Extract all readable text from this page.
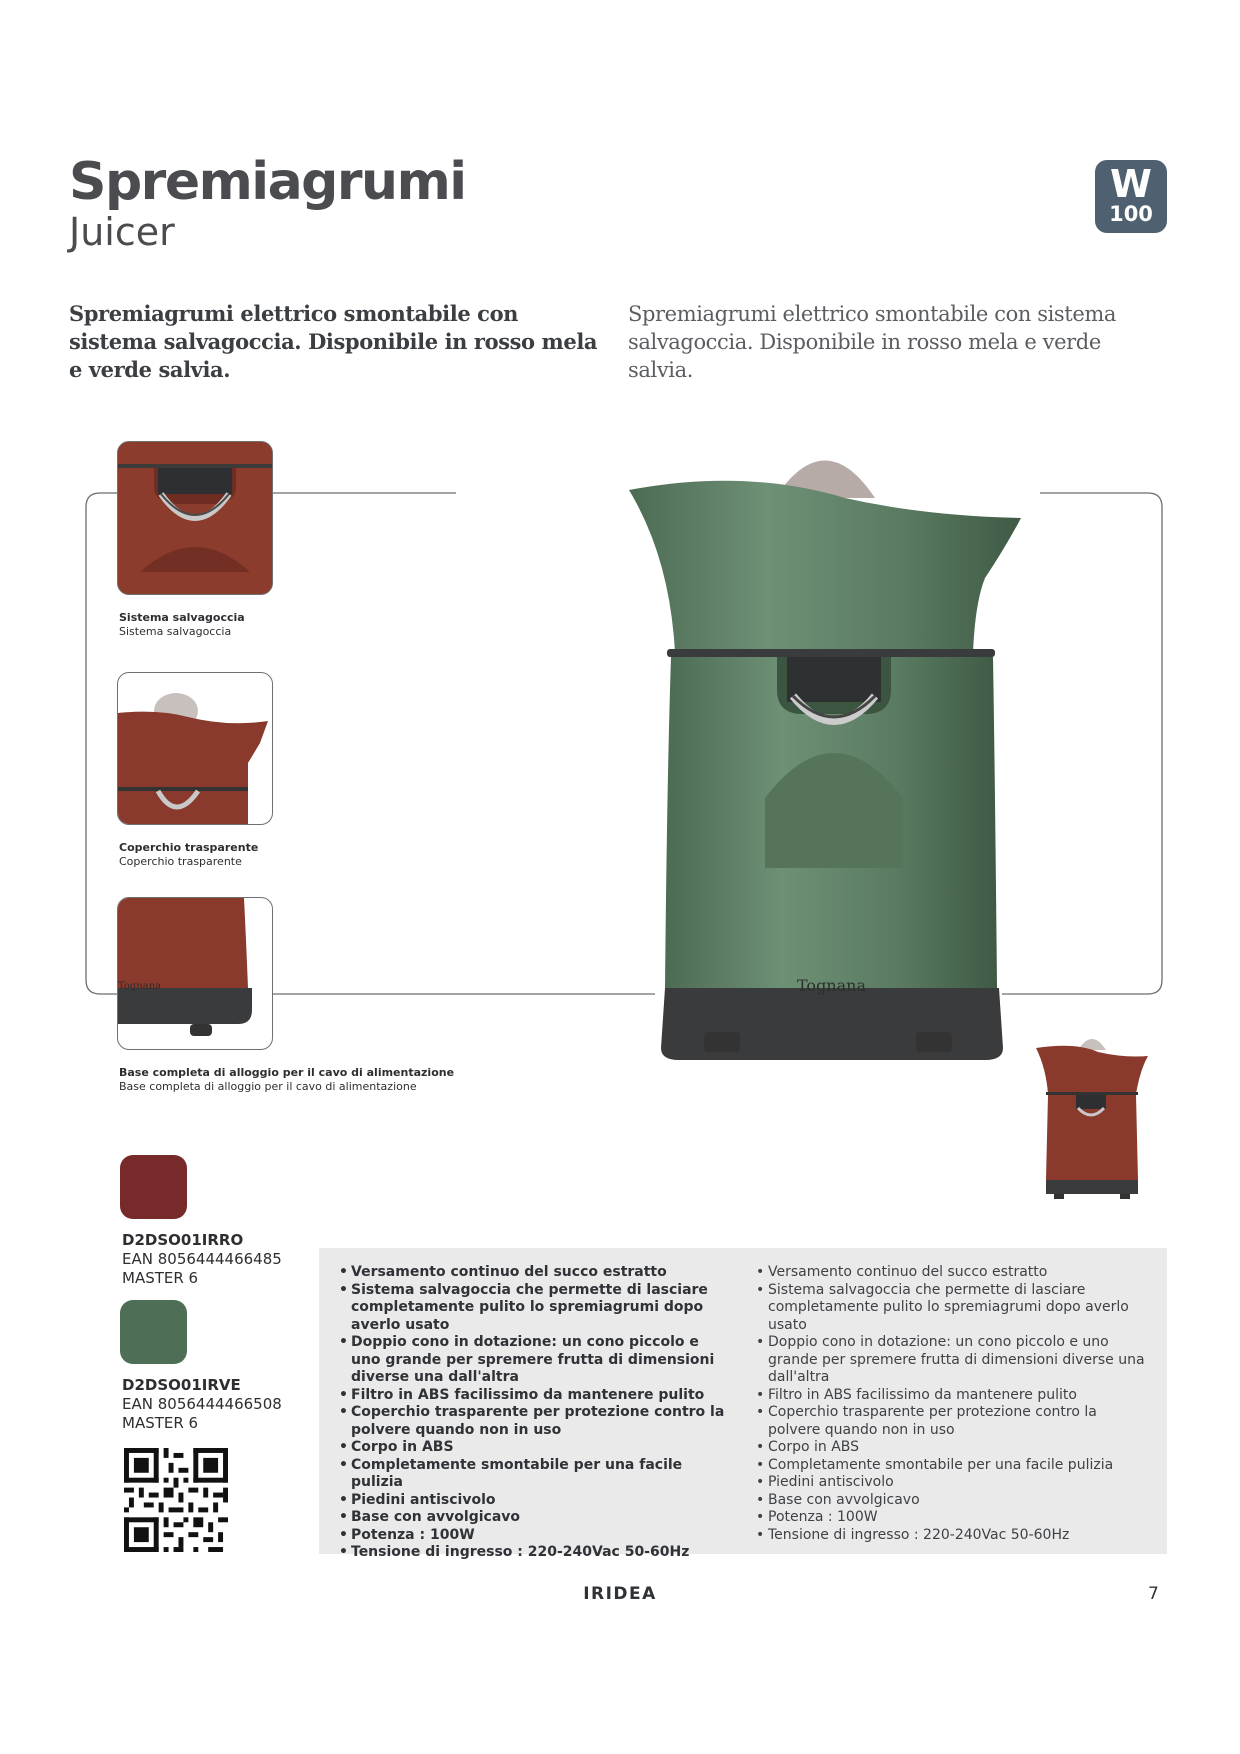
Spremiagrumi
Juicer
W
100
Spremiagrumi elettrico smontabile con sistema salvagoccia. Disponibile in rosso mela e verde salvia.
Spremiagrumi elettrico smontabile con sistema salvagoccia. Disponibile in rosso mela e verde salvia.
Sistema salvagoccia
Sistema salvagoccia
Coperchio trasparente
Coperchio trasparente
Tognana
Base completa di alloggio per il cavo di alimentazione
Base completa di alloggio per il cavo di alimentazione
Tognana
D2DSO01IRRO
EAN 8056444466485
MASTER 6
D2DSO01IRVE
EAN 8056444466508
MASTER 6
• Versamento continuo del succo estratto
• Sistema salvagoccia che permette di lasciare completamente pulito lo spremiagrumi dopo averlo usato
• Doppio cono in dotazione: un cono piccolo e uno grande per spremere frutta di dimensioni diverse una dall'altra
• Filtro in ABS facilissimo da mantenere pulito
• Coperchio trasparente per protezione contro la polvere quando non in uso
• Corpo in ABS
• Completamente smontabile per una facile pulizia
• Piedini antiscivolo
• Base con avvolgicavo
• Potenza : 100W
• Tensione di ingresso : 220-240Vac 50-60Hz
• Versamento continuo del succo estratto
• Sistema salvagoccia che permette di lasciare completamente pulito lo spremiagrumi dopo averlo usato
• Doppio cono in dotazione: un cono piccolo e uno grande per spremere frutta di dimensioni diverse una dall'altra
• Filtro in ABS facilissimo da mantenere pulito
• Coperchio trasparente per protezione contro la polvere quando non in uso
• Corpo in ABS
• Completamente smontabile per una facile pulizia
• Piedini antiscivolo
• Base con avvolgicavo
• Potenza : 100W
• Tensione di ingresso : 220-240Vac 50-60Hz
IRIDEA	7
